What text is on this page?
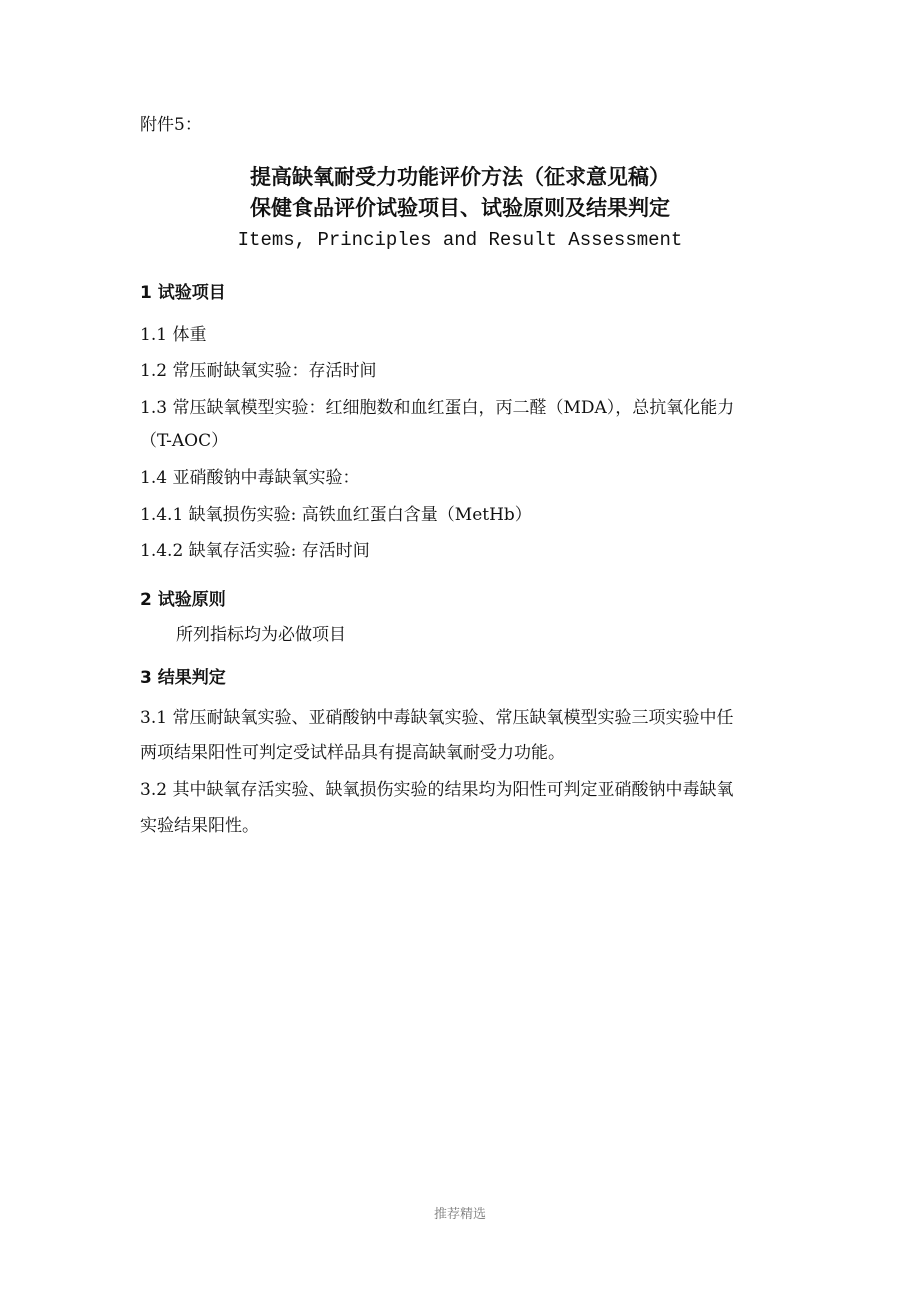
附件5：
提高缺氧耐受力功能评价方法（征求意见稿）
保健食品评价试验项目、试验原则及结果判定
Items, Principles and Result Assessment
1 试验项目
1.1 体重
1.2 常压耐缺氧实验：存活时间
1.3 常压缺氧模型实验：红细胞数和血红蛋白，丙二醛（MDA），总抗氧化能力
（T-AOC）
1.4 亚硝酸钠中毒缺氧实验：
1.4.1 缺氧损伤实验: 高铁血红蛋白含量（MetHb）
1.4.2 缺氧存活实验: 存活时间
2 试验原则
所列指标均为必做项目
3 结果判定
3.1 常压耐缺氧实验、亚硝酸钠中毒缺氧实验、常压缺氧模型实验三项实验中任
两项结果阳性可判定受试样品具有提高缺氧耐受力功能。
3.2 其中缺氧存活实验、缺氧损伤实验的结果均为阳性可判定亚硝酸钠中毒缺氧
实验结果阳性。
推荐精选
